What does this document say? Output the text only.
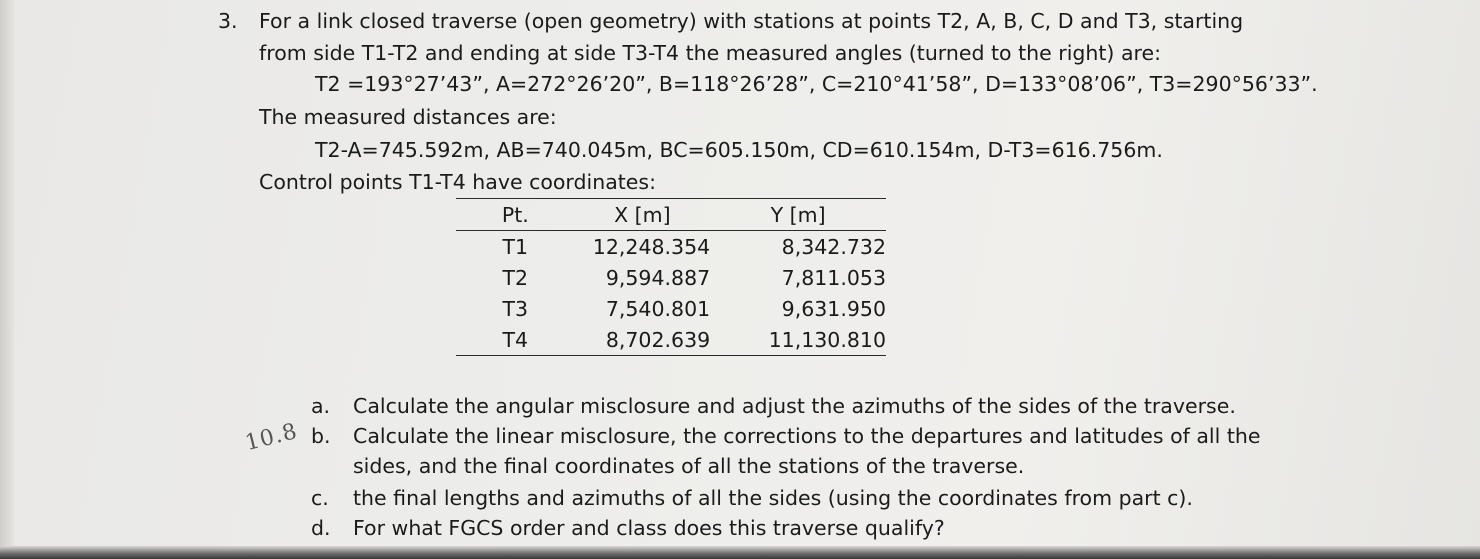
3. For a link closed traverse (open geometry) with stations at points T2, A, B, C, D and T3, starting
from side T1-T2 and ending at side T3-T4 the measured angles (turned to the right) are:
T2 =193°27’43”, A=272°26’20”, B=118°26’28”, C=210°41’58”, D=133°08’06”, T3=290°56’33”.
The measured distances are:
T2-A=745.592m, AB=740.045m, BC=605.150m, CD=610.154m, D-T3=616.756m.
Control points T1-T4 have coordinates:
Pt.	X [m]	Y [m]
T1	12,248.354	8,342.732
T2	9,594.887	7,811.053
T3	7,540.801	9,631.950
T4	8,702.639	11,130.810
a. Calculate the angular misclosure and adjust the azimuths of the sides of the traverse.
b. Calculate the linear misclosure, the corrections to the departures and latitudes of all the
sides, and the final coordinates of all the stations of the traverse.
c. the final lengths and azimuths of all the sides (using the coordinates from part c).
d. For what FGCS order and class does this traverse qualify?
10.8
